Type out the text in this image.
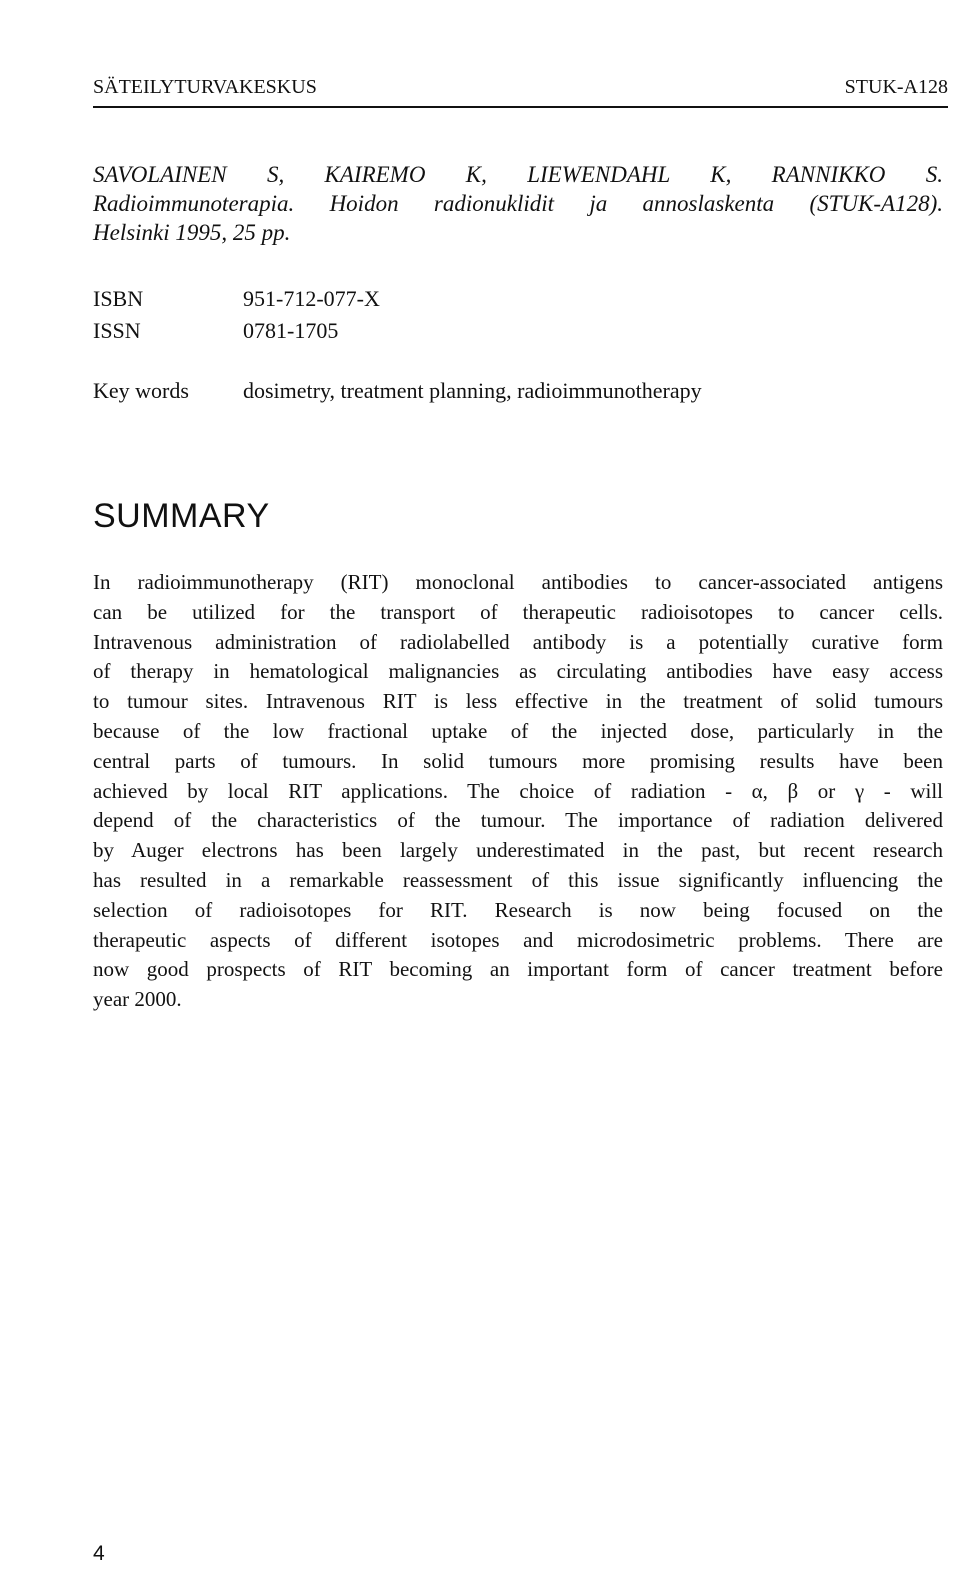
SÄTEILYTURVAKESKUS	STUK-A128
SAVOLAINEN S, KAIREMO K, LIEWENDAHL K, RANNIKKO S.
Radioimmunoterapia. Hoidon radionuklidit ja annoslaskenta (STUK-A128).
Helsinki 1995, 25 pp.
ISBN	951-712-077-X
ISSN	0781-1705
Key words dosimetry, treatment planning, radioimmunotherapy
SUMMARY
In radioimmunotherapy (RIT) monoclonal antibodies to cancer-associated antigens
can be utilized for the transport of therapeutic radioisotopes to cancer cells.
Intravenous administration of radiolabelled antibody is a potentially curative form
of therapy in hematological malignancies as circulating antibodies have easy access
to tumour sites. Intravenous RIT is less effective in the treatment of solid tumours
because of the low fractional uptake of the injected dose, particularly in the
central parts of tumours. In solid tumours more promising results have been
achieved by local RIT applications. The choice of radiation - α, β or γ - will
depend of the characteristics of the tumour. The importance of radiation delivered
by Auger electrons has been largely underestimated in the past, but recent research
has resulted in a remarkable reassessment of this issue significantly influencing the
selection of radioisotopes for RIT. Research is now being focused on the
therapeutic aspects of different isotopes and microdosimetric problems. There are
now good prospects of RIT becoming an important form of cancer treatment before
year 2000.
4
